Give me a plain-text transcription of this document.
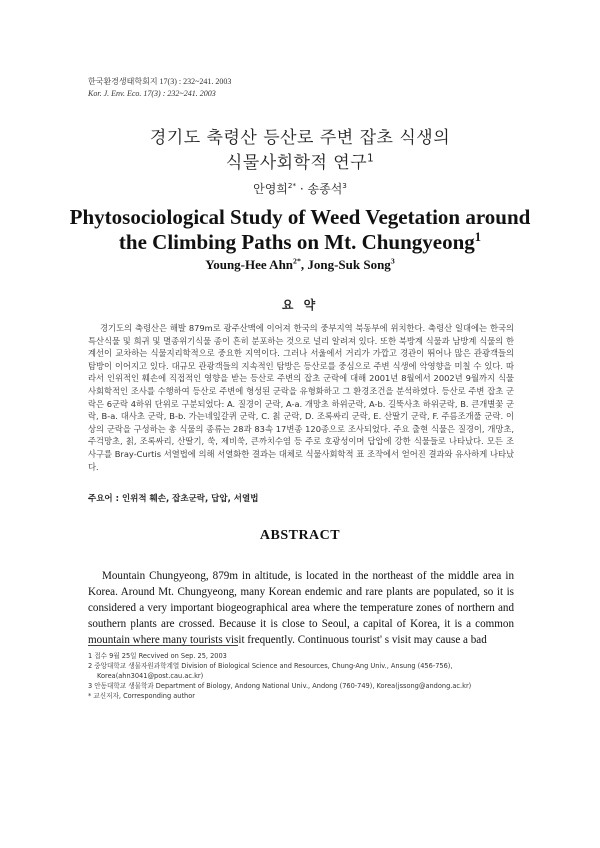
한국환경생태학회지 17(3) : 232~241. 2003
Kor. J. Env. Eco. 17(3) : 232~241. 2003
경기도 축령산 등산로 주변 잡초 식생의
식물사회학적 연구$^1$
안영희$^{2*}$ · 송종석$^3$
Phytosociological Study of Weed Vegetation around
the Climbing Paths on Mt. Chungyeong$^1$
Young-Hee Ahn$^{2*}$, Jong-Suk Song$^3$
요 약

경기도의 축령산은 해발 879m로 광주산맥에 이어져 한국의 중부지역 북동부에 위치한다. 축령산 일대에는 한국의 특산식물 및 희귀 및 멸종위기식물 종이 흔히 분포하는 것으로 널리 알려져 있다. 또한 북방계 식물과 남방계 식물의 한계선이 교차하는 식물지리학적으로 중요한 지역이다. 그러나 서울에서 거리가 가깝고 경관이 뛰어나 많은 관광객들의 탐방이 이어지고 있다. 대규모 관광객들의 지속적인 탐방은 등산로를 중심으로 주변 식생에 악영향을 미칠 수 있다. 따라서 인위적인 훼손에 직접적인 영향을 받는 등산로 주변의 잡초 군락에 대해 2001년 8월에서 2002년 9월까지 식물사회학적인 조사를 수행하여 등산로 주변에 형성된 군락을 유형화하고 그 환경조건을 분석하였다. 등산로 주변 잡초 군락은 6군락 4하위 단위로 구분되었다: A. 질경이 군락, A-a. 개망초 하위군락, A-b. 길뚝사초 하위군락, B. 큰개별꽃 군락, B-a. 대사초 군락, B-b. 가는네잎갈퀴 군락, C. 칡 군락, D. 조록싸리 군락, E. 산딸기 군락, F. 주름조개풀 군락. 이상의 군락을 구성하는 총 식물의 종류는 28과 83속 17변종 120종으로 조사되었다. 주요 출현 식물은 질경이, 개망초, 주걱망초, 칡, 조록싸리, 산딸기, 쑥, 제비쑥, 큰까치수염 등 주로 호광성이며 답압에 강한 식물들로 나타났다. 모든 조사구를 Bray-Curtis 서열법에 의해 서열화한 결과는 대체로 식물사회학적 표 조작에서 얻어진 결과와 유사하게 나타났다.

주요어 : 인위적 훼손, 잡초군락, 답압, 서열법
ABSTRACT

Mountain Chungyeong, 879m in altitude, is located in the northeast of the middle area in Korea. Around Mt. Chungyeong, many Korean endemic and rare plants are populated, so it is considered a very important biogeographical area where the temperature zones of northern and southern plants are crossed. Because it is close to Seoul, a capital of Korea, it is a common mountain where many tourists visit frequently. Continuous tourist' s visit may cause a bad

1 접수 9월 25일 Recvived on Sep. 25, 2003

2 중앙대학교 생물자원과학계열 Division of Biological Science and Resources, Chung-Ang Univ., Ansung (456-756),

Korea(ahn3041@post.cau.ac.kr)

3 안동대학교 생물학과 Department of Biology, Andong National Univ., Andong (760-749), Korea(jssong@andong.ac.kr)

* 교신저자, Corresponding author
